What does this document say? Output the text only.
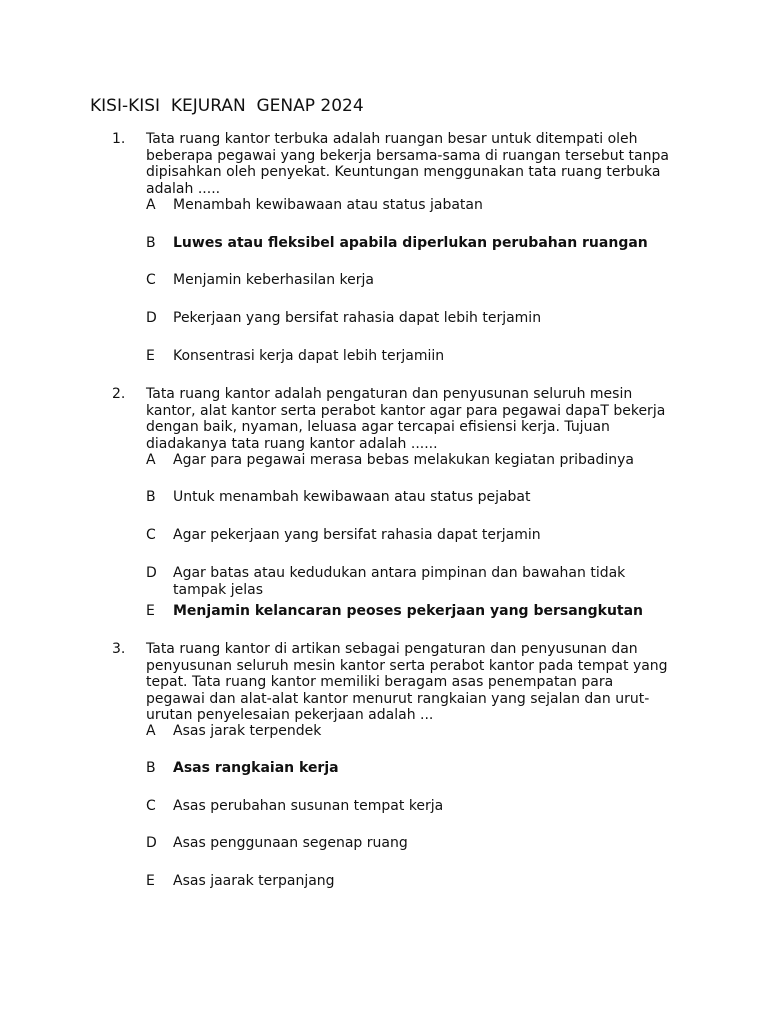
KISI-KISI  KEJURAN  GENAP 2024
1. Tata ruang kantor terbuka adalah ruangan besar untuk ditempati oleh beberapa pegawai yang bekerja bersama-sama di ruangan tersebut tanpa dipisahkan oleh penyekat. Keuntungan menggunakan tata ruang terbuka adalah .....
A	Menambah kewibawaan atau status jabatan
B	Luwes atau fleksibel apabila diperlukan perubahan ruangan
C	Menjamin keberhasilan kerja
D	Pekerjaan yang bersifat rahasia dapat lebih terjamin
E	Konsentrasi kerja dapat lebih terjamiin
2. Tata ruang kantor adalah pengaturan dan penyusunan seluruh mesin kantor, alat kantor serta perabot kantor agar para pegawai dapaT bekerja dengan baik, nyaman, leluasa agar tercapai efisiensi kerja. Tujuan diadakanya tata ruang kantor adalah ......
A	Agar para pegawai merasa bebas melakukan kegiatan pribadinya
B	Untuk menambah kewibawaan atau status pejabat
C	Agar pekerjaan yang bersifat rahasia dapat terjamin
D	Agar batas atau kedudukan antara pimpinan dan bawahan tidak tampak jelas
E	Menjamin kelancaran peoses pekerjaan yang bersangkutan
3. Tata ruang kantor di artikan sebagai pengaturan dan penyusunan dan penyusunan seluruh mesin kantor serta perabot kantor pada tempat yang tepat. Tata ruang kantor memiliki beragam asas penempatan para pegawai dan alat-alat kantor menurut rangkaian yang sejalan dan urut-urutan penyelesaian pekerjaan adalah ...
A	Asas jarak terpendek
B	Asas rangkaian kerja
C	Asas perubahan susunan tempat kerja
D	Asas penggunaan segenap ruang
E	Asas jaarak terpanjang
